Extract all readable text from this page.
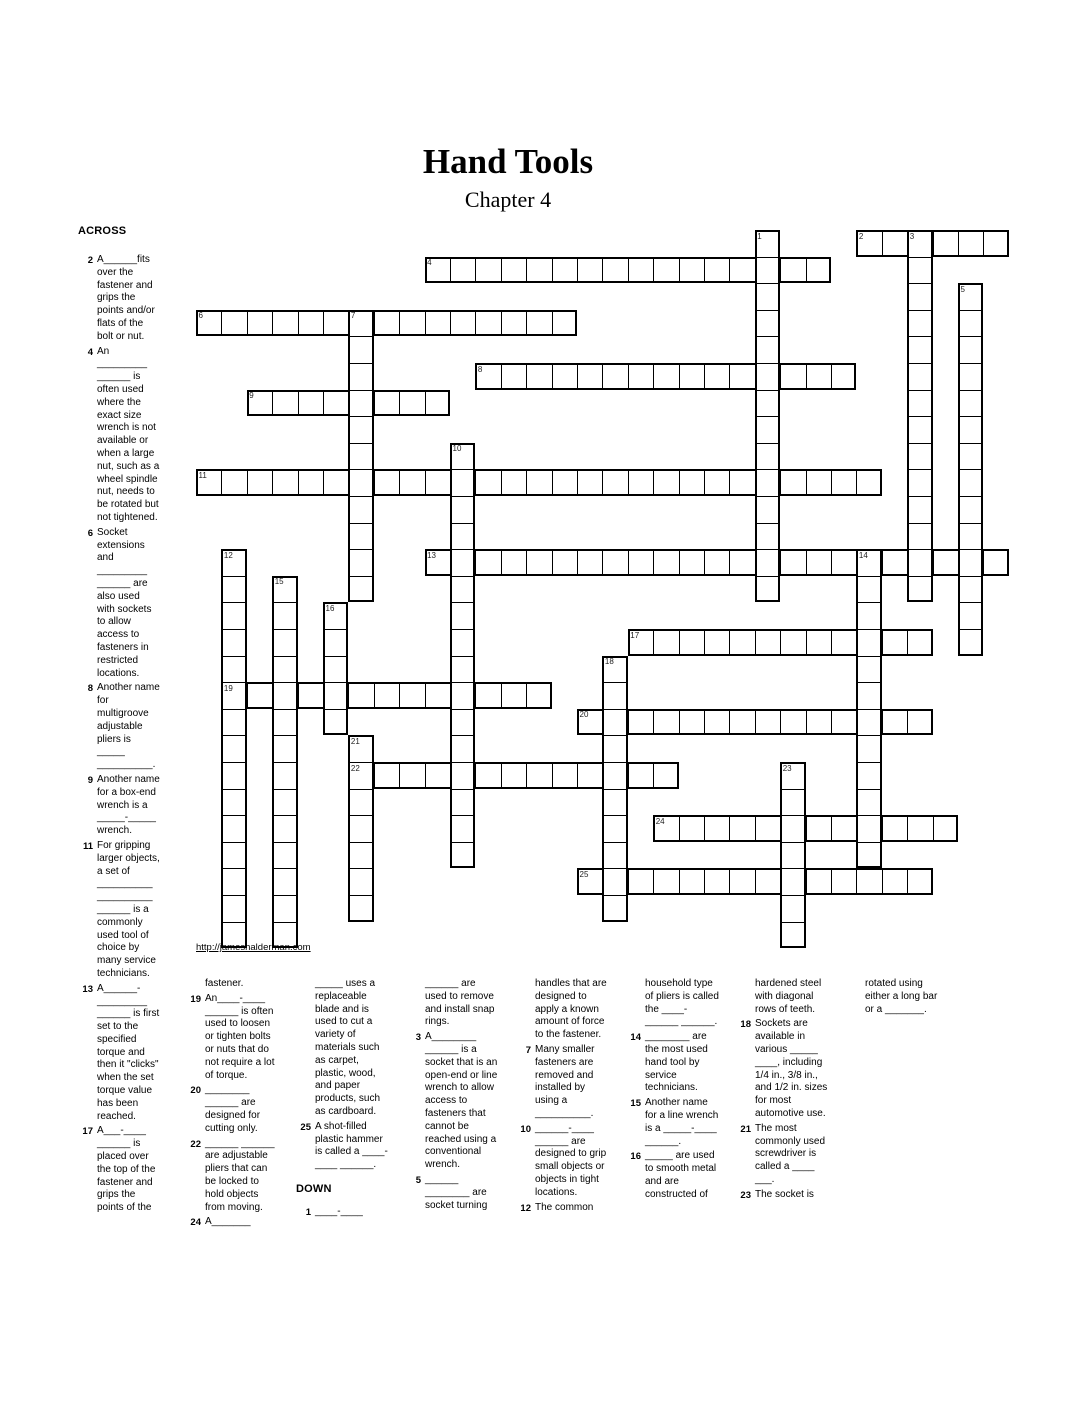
Hand Tools
Chapter 4
2
4
6
8
9
11
13
17
19
20
22
24
25
1	3
5
7
10
12	14
15
16
18
21
23
http://jameshalderman.com
ACROSS
2 A______fits over the fastener and grips the points and/or flats of the bolt or nut.
4 An _________ ______ is often used where the exact size wrench is not available or when a large nut, such as a wheel spindle nut, needs to be rotated but not tightened.
6 Socket extensions and _________ ______ are also used with sockets to allow access to fasteners in restricted locations.
8 Another name for multigroove adjustable pliers is _____ __________.
9 Another name for a box-end wrench is a _____-_____ wrench.
11 For gripping larger objects, a set of __________ __________ ______ is a commonly used tool of choice by many service technicians.
13 A______- _________ ______ is first set to the specified torque and then it "clicks" when the set torque value has been reached.
17 A___-____ ______ is placed over the top of the fastener and grips the points of the
fastener.
19 An____-____ ______ is often used to loosen or tighten bolts or nuts that do not require a lot of torque.
20 ________ ______ are designed for cutting only.
22 ______ ______ are adjustable pliers that can be locked to hold objects from moving.
24 A_______
_____ uses a replaceable blade and is used to cut a variety of materials such as carpet, plastic, wood, and paper products, such as cardboard.
25 A shot-filled plastic hammer is called a ____- ____ ______.
DOWN
1 ____-____
______ are used to remove and install snap rings.
3 A________ ______ is a socket that is an open-end or line wrench to allow access to fasteners that cannot be reached using a conventional wrench.
5 ______ ________ are socket turning
handles that are designed to apply a known amount of force to the fastener.
7 Many smaller fasteners are removed and installed by using a __________.
10 ______-____ ______ are designed to grip small objects or objects in tight locations.
12 The common
household type of pliers is called the ____-______ ______.
14 ________ are the most used hand tool by service technicians.
15 Another name for a line wrench is a _____-____ ______.
16 _____ are used to smooth metal and are constructed of
hardened steel with diagonal rows of teeth.
18 Sockets are available in various _____ ____, including 1/4 in., 3/8 in., and 1/2 in. sizes for most automotive use.
21 The most commonly used screwdriver is called a ____ ___.
23 The socket is
rotated using either a long bar or a _______.
